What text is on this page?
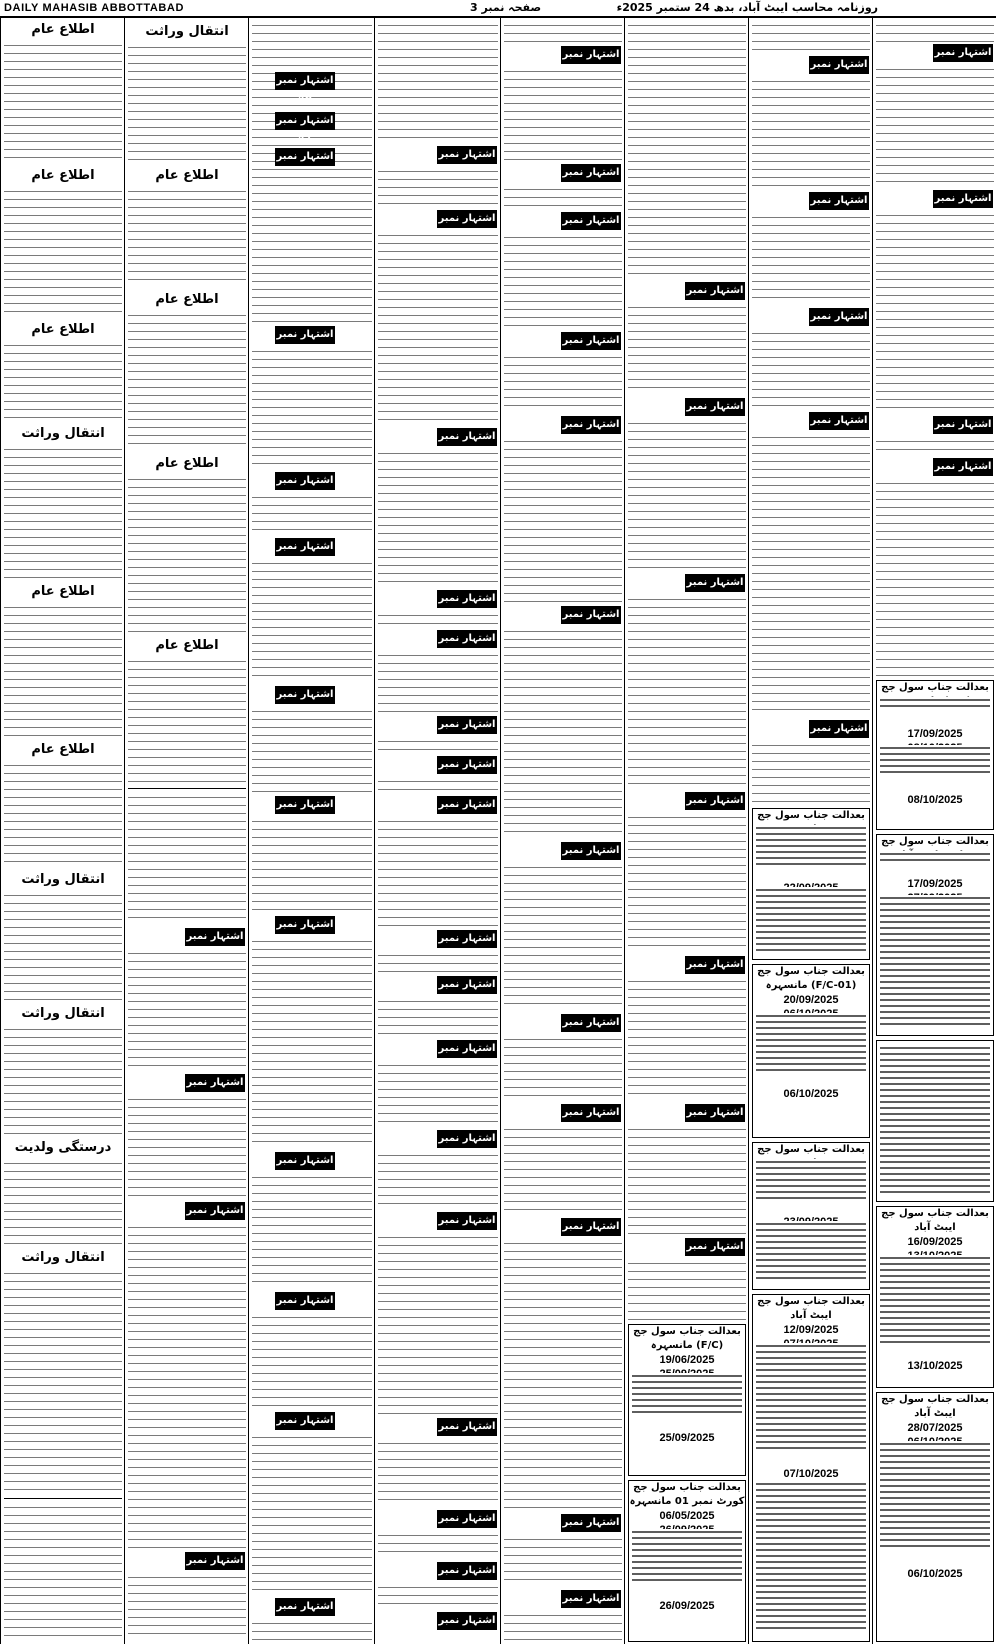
DAILY MAHASIB ABBOTTABAD	صفحہ نمبر 3	روزنامہ محاسب ایبٹ آباد، بدھ 24 ستمبر 2025ء
اشتہار نمبر
اشتہار نمبر
اشتہار نمبر
اشتہار نمبر
بعدالت جناب سول جج
17/09/2025
08/10/2025
بعدالت جناب سول جج
17/09/2025
بعدالت جناب سول جج ایبٹ آباد
16/09/2025
13/10/2025
بعدالت جناب سول جج ایبٹ آباد
28/07/2025
06/10/2025
اشتہار نمبر
اشتہار نمبر
اشتہار نمبر
اشتہار نمبر
اشتہار نمبر
بعدالت جناب سول جج
بعدالت جناب سول جج (F/C-01) مانسہرہ
20/09/2025
06/10/2025
بعدالت جناب سول جج
بعدالت جناب سول جج ایبٹ آباد
12/09/2025
07/10/2025
اشتہار نمبر
اشتہار نمبر
اشتہار نمبر
اشتہار نمبر
اشتہار نمبر
اشتہار نمبر
اشتہار نمبر
بعدالت جناب سول جج (F/C) مانسہرہ
19/06/2025
25/09/2025
بعدالت جناب سول جج کورٹ نمبر 01 مانسہرہ
06/05/2025
26/09/2025
اشتہار نمبر
اشتہار نمبر
اشتہار نمبر
اشتہار نمبر
اشتہار نمبر
اشتہار نمبر
اشتہار نمبر
اشتہار نمبر
اشتہار نمبر
اشتہار نمبر
اشتہار نمبر
اشتہار نمبر
اشتہار نمبر
اشتہار نمبر
اشتہار نمبر
اشتہار نمبر
اشتہار نمبر
اشتہار نمبر
اشتہار نمبر
اشتہار نمبر
اشتہار نمبر
اشتہار نمبر
اشتہار نمبر
اشتہار نمبر
اشتہار نمبر
اشتہار نمبر
اشتہار نمبر
اشتہار نمبر
اشتہار نمبر 45
اشتہار نمبر 46
اشتہار نمبر 47
اشتہار نمبر
اشتہار نمبر
اشتہار نمبر
اشتہار نمبر
اشتہار نمبر
اشتہار نمبر
اشتہار نمبر
اشتہار نمبر
اشتہار نمبر
اشتہار نمبر
اشتہار نمبر
انتقال وراثت
اطلاع عام
اطلاع عام
اطلاع عام
اطلاع عام
اشتہار نمبر
اشتہار نمبر
اشتہار نمبر
اشتہار نمبر
اطلاع عام
اطلاع عام
اطلاع عام
انتقال وراثت
اطلاع عام
اطلاع عام
انتقال وراثت
انتقال وراثت
درستگی ولدیت
انتقال وراثت
